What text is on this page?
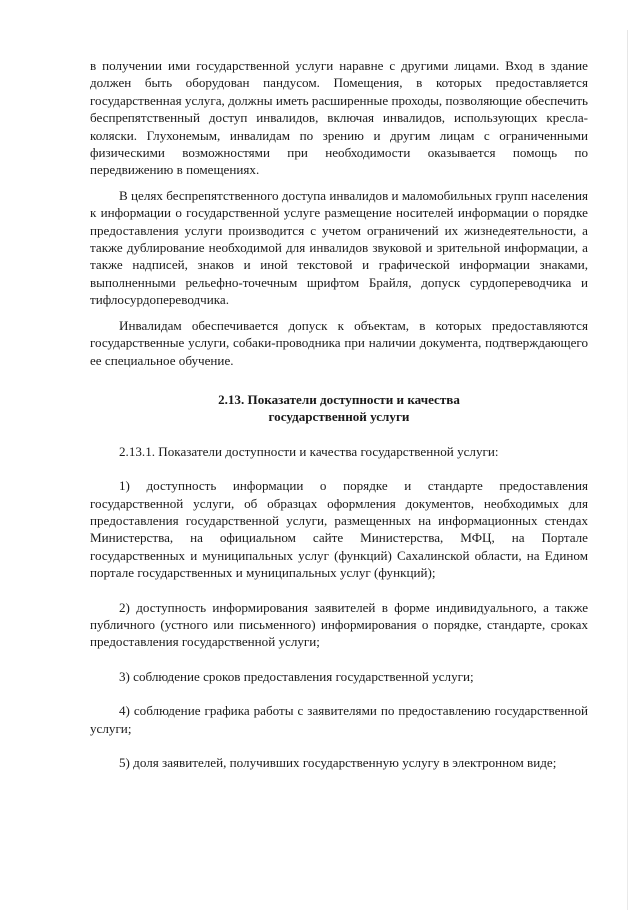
в получении ими государственной услуги наравне с другими лицами. Вход в здание должен быть оборудован пандусом. Помещения, в которых предоставляется государственная услуга, должны иметь расширенные проходы, позволяющие обеспечить беспрепятственный доступ инвалидов, включая инвалидов, использующих кресла-коляски. Глухонемым, инвалидам по зрению и другим лицам с ограниченными физическими возможностями при необходимости оказывается помощь по передвижению в помещениях.

В целях беспрепятственного доступа инвалидов и маломобильных групп населения к информации о государственной услуге размещение носителей информации о порядке предоставления услуги производится с учетом ограничений их жизнедеятельности, а также дублирование необходимой для инвалидов звуковой и зрительной информации, а также надписей, знаков и иной текстовой и графической информации знаками, выполненными рельефно-точечным шрифтом Брайля, допуск сурдопереводчика и тифлосурдопереводчика.

Инвалидам обеспечивается допуск к объектам, в которых предоставляются государственные услуги, собаки-проводника при наличии документа, подтверждающего ее специальное обучение.

2.13. Показатели доступности и качества
государственной услуги

2.13.1. Показатели доступности и качества государственной услуги:

1) доступность информации о порядке и стандарте предоставления государственной услуги, об образцах оформления документов, необходимых для предоставления государственной услуги, размещенных на информационных стендах Министерства, на официальном сайте Министерства, МФЦ, на Портале государственных и муниципальных услуг (функций) Сахалинской области, на Едином портале государственных и муниципальных услуг (функций);

2) доступность информирования заявителей в форме индивидуального, а также публичного (устного или письменного) информирования о порядке, стандарте, сроках предоставления государственной услуги;

3) соблюдение сроков предоставления государственной услуги;

4) соблюдение графика работы с заявителями по предоставлению государственной услуги;

5) доля заявителей, получивших государственную услугу в электронном виде;
